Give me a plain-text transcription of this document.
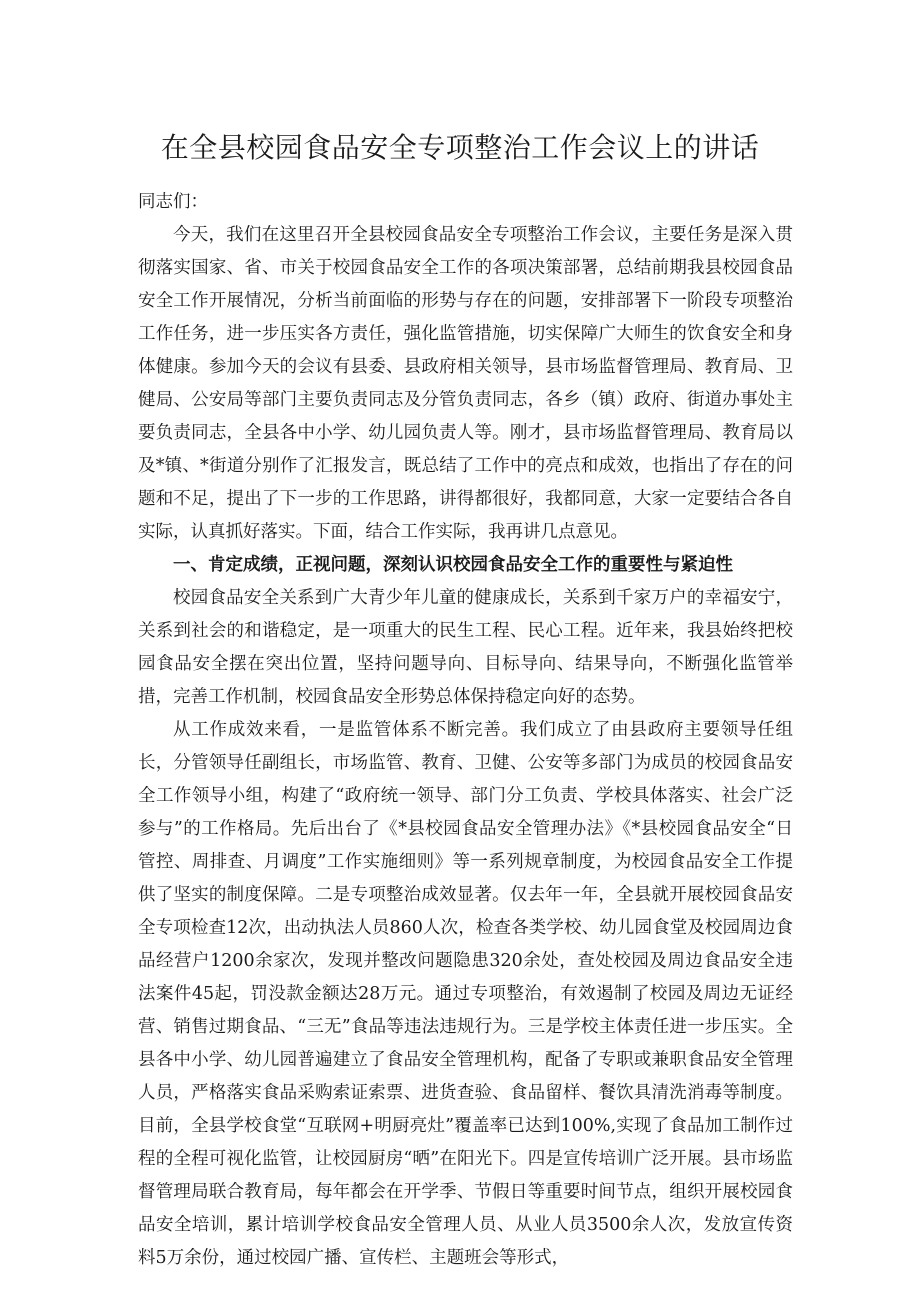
在全县校园食品安全专项整治工作会议上的讲话

同志们：

今天，我们在这里召开全县校园食品安全专项整治工作会议，主要任务是深入贯彻落实国家、省、市关于校园食品安全工作的各项决策部署，总结前期我县校园食品安全工作开展情况，分析当前面临的形势与存在的问题，安排部署下一阶段专项整治工作任务，进一步压实各方责任，强化监管措施，切实保障广大师生的饮食安全和身体健康。参加今天的会议有县委、县政府相关领导，县市场监督管理局、教育局、卫健局、公安局等部门主要负责同志及分管负责同志，各乡（镇）政府、街道办事处主要负责同志，全县各中小学、幼儿园负责人等。刚才，县市场监督管理局、教育局以及*镇、*街道分别作了汇报发言，既总结了工作中的亮点和成效，也指出了存在的问题和不足，提出了下一步的工作思路，讲得都很好，我都同意，大家一定要结合各自实际，认真抓好落实。下面，结合工作实际，我再讲几点意见。

一、肯定成绩，正视问题，深刻认识校园食品安全工作的重要性与紧迫性

校园食品安全关系到广大青少年儿童的健康成长，关系到千家万户的幸福安宁，关系到社会的和谐稳定，是一项重大的民生工程、民心工程。近年来，我县始终把校园食品安全摆在突出位置，坚持问题导向、目标导向、结果导向，不断强化监管举措，完善工作机制，校园食品安全形势总体保持稳定向好的态势。

从工作成效来看，一是监管体系不断完善。我们成立了由县政府主要领导任组长，分管领导任副组长，市场监管、教育、卫健、公安等多部门为成员的校园食品安全工作领导小组，构建了“政府统一领导、部门分工负责、学校具体落实、社会广泛参与”的工作格局。先后出台了《*县校园食品安全管理办法》《*县校园食品安全“日管控、周排查、月调度”工作实施细则》等一系列规章制度，为校园食品安全工作提供了坚实的制度保障。二是专项整治成效显著。仅去年一年，全县就开展校园食品安全专项检查12次，出动执法人员860人次，检查各类学校、幼儿园食堂及校园周边食品经营户1200余家次，发现并整改问题隐患320余处，查处校园及周边食品安全违法案件45起，罚没款金额达28万元。通过专项整治，有效遏制了校园及周边无证经营、销售过期食品、“三无”食品等违法违规行为。三是学校主体责任进一步压实。全县各中小学、幼儿园普遍建立了食品安全管理机构，配备了专职或兼职食品安全管理人员，严格落实食品采购索证索票、进货查验、食品留样、餐饮具清洗消毒等制度。目前，全县学校食堂“互联网+明厨亮灶”覆盖率已达到100%,实现了食品加工制作过程的全程可视化监管，让校园厨房“晒”在阳光下。四是宣传培训广泛开展。县市场监督管理局联合教育局，每年都会在开学季、节假日等重要时间节点，组织开展校园食品安全培训，累计培训学校食品安全管理人员、从业人员3500余人次，发放宣传资料5万余份，通过校园广播、宣传栏、主题班会等形式，
